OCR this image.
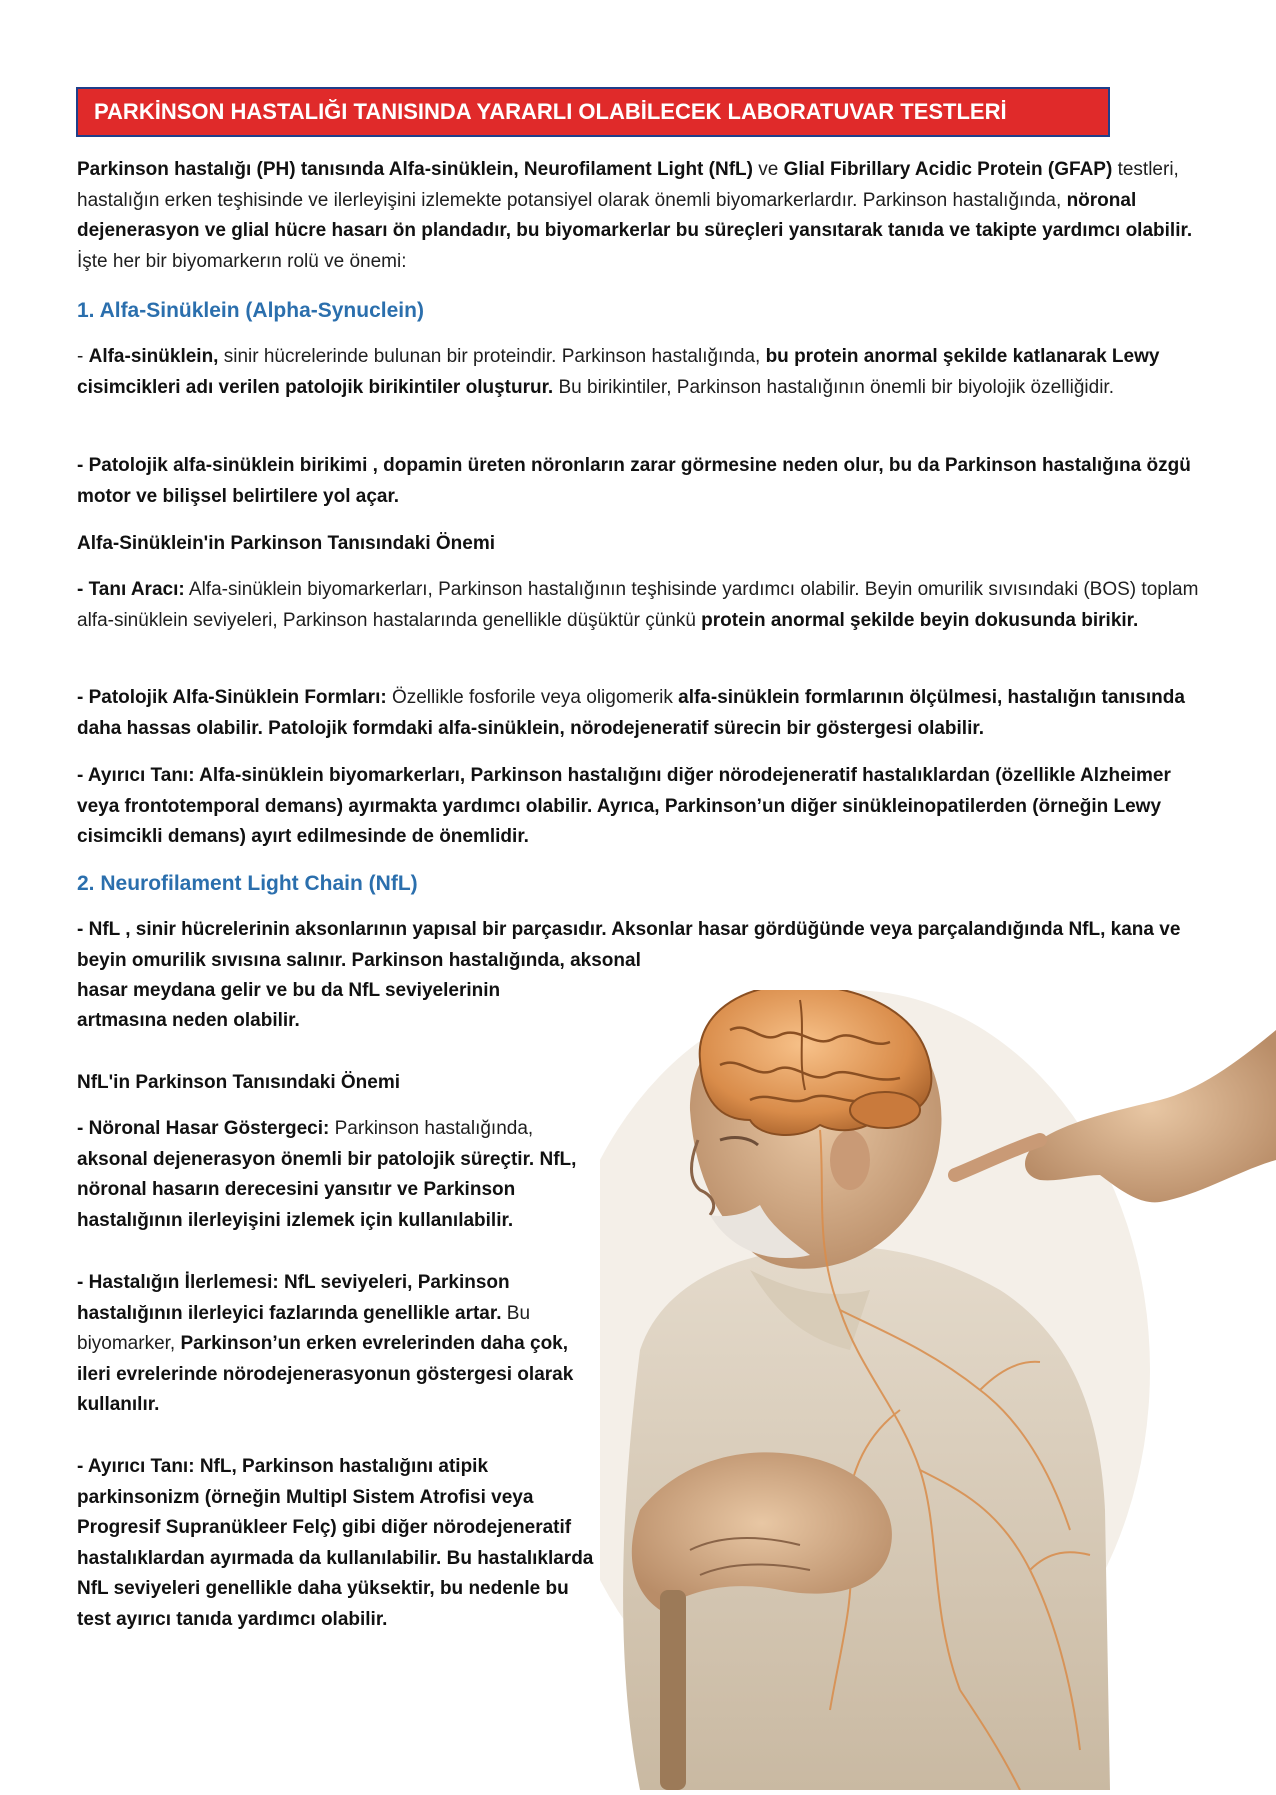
PARKİNSON HASTALIĞI TANISINDA YARARLI OLABİLECEK LABORATUVAR TESTLERİ
Parkinson hastalığı (PH) tanısında Alfa-sinüklein, Neurofilament Light (NfL) ve Glial Fibrillary Acidic Protein (GFAP) testleri, hastalığın erken teşhisinde ve ilerleyişini izlemekte potansiyel olarak önemli biyomarkerlardır. Parkinson hastalığında, nöronal dejenerasyon ve glial hücre hasarı ön plandadır, bu biyomarkerlar bu süreçleri yansıtarak tanıda ve takipte yardımcı olabilir. İşte her bir biyomarkerın rolü ve önemi:
1. Alfa-Sinüklein (Alpha-Synuclein)
- Alfa-sinüklein, sinir hücrelerinde bulunan bir proteindir. Parkinson hastalığında, bu protein anormal şekilde katlanarak Lewy cisimcikleri adı verilen patolojik birikintiler oluşturur. Bu birikintiler, Parkinson hastalığının önemli bir biyolojik özelliğidir.
- Patolojik alfa-sinüklein birikimi , dopamin üreten nöronların zarar görmesine neden olur, bu da Parkinson hastalığına özgü motor ve bilişsel belirtilere yol açar.
Alfa-Sinüklein'in Parkinson Tanısındaki Önemi
- Tanı Aracı: Alfa-sinüklein biyomarkerları, Parkinson hastalığının teşhisinde yardımcı olabilir. Beyin omurilik sıvısındaki (BOS) toplam alfa-sinüklein seviyeleri, Parkinson hastalarında genellikle düşüktür çünkü protein anormal şekilde beyin dokusunda birikir.
- Patolojik Alfa-Sinüklein Formları: Özellikle fosforile veya oligomerik alfa-sinüklein formlarının ölçülmesi, hastalığın tanısında daha hassas olabilir. Patolojik formdaki alfa-sinüklein, nörodejeneratif sürecin bir göstergesi olabilir.
- Ayırıcı Tanı: Alfa-sinüklein biyomarkerları, Parkinson hastalığını diğer nörodejeneratif hastalıklardan (özellikle Alzheimer veya frontotemporal demans) ayırmakta yardımcı olabilir. Ayrıca, Parkinson’un diğer sinükleinopatilerden (örneğin Lewy cisimcikli demans) ayırt edilmesinde de önemlidir.
2. Neurofilament Light Chain (NfL)
- NfL , sinir hücrelerinin aksonlarının yapısal bir parçasıdır. Aksonlar hasar gördüğünde veya parçalandığında NfL, kana ve beyin omurilik sıvısına salınır. Parkinson hastalığında, aksonal
hasar meydana gelir ve bu da NfL seviyelerinin
artmasına neden olabilir.
NfL'in Parkinson Tanısındaki Önemi
- Nöronal Hasar Göstergeci: Parkinson hastalığında,
aksonal dejenerasyon önemli bir patolojik süreçtir. NfL, nöronal hasarın derecesini yansıtır ve Parkinson hastalığının ilerleyişini izlemek için kullanılabilir.
- Hastalığın İlerlemesi: NfL seviyeleri, Parkinson hastalığının ilerleyici fazlarında genellikle artar. Bu biyomarker, Parkinson’un erken evrelerinden daha çok, ileri evrelerinde nörodejenerasyonun göstergesi olarak kullanılır.
- Ayırıcı Tanı: NfL, Parkinson hastalığını atipik parkinsonizm (örneğin Multipl Sistem Atrofisi veya Progresif Supranükleer Felç) gibi diğer nörodejeneratif hastalıklardan ayırmada da kullanılabilir. Bu hastalıklarda NfL seviyeleri genellikle daha yüksektir, bu nedenle bu test ayırıcı tanıda yardımcı olabilir.
